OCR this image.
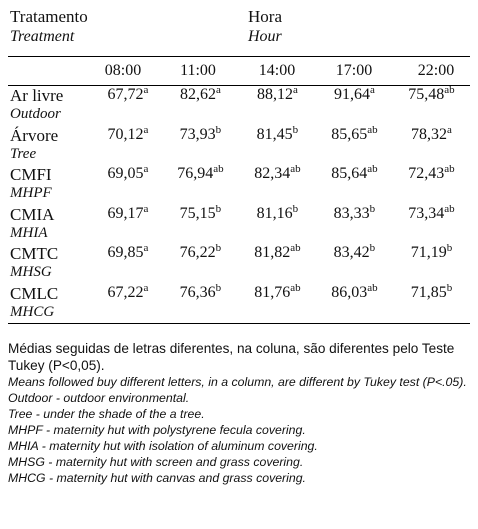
Tratamento
Treatment
Hora
Hour
08:00	11:00	14:00	17:00	22:00
Ar livre	67,72$^a$	82,62$^a$	88,12$^a$	91,64$^a$	75,48$^{ab}$
Outdoor					
Árvore	70,12$^a$	73,93$^b$	81,45$^b$	85,65$^{ab}$	78,32$^a$
Tree					
CMFI	69,05$^a$	76,94$^{ab}$	82,34$^{ab}$	85,64$^{ab}$	72,43$^{ab}$
MHPF					
CMIA	69,17$^a$	75,15$^b$	81,16$^b$	83,33$^b$	73,34$^{ab}$
MHIA					
CMTC	69,85$^a$	76,22$^b$	81,82$^{ab}$	83,42$^b$	71,19$^b$
MHSG					
CMLC	67,22$^a$	76,36$^b$	81,76$^{ab}$	86,03$^{ab}$	71,85$^b$
MHCG					

Médias seguidas de letras diferentes, na coluna, são diferentes pelo Teste Tukey (P<0,05).

Means followed buy different letters, in a column, are different by Tukey test (P<.05).

Outdoor - outdoor environmental.

Tree - under the shade of the a tree.

MHPF - maternity hut with polystyrene fecula covering.

MHIA - maternity hut with isolation of aluminum covering.

MHSG - maternity hut with screen and grass covering.

MHCG - maternity hut with canvas and grass covering.
